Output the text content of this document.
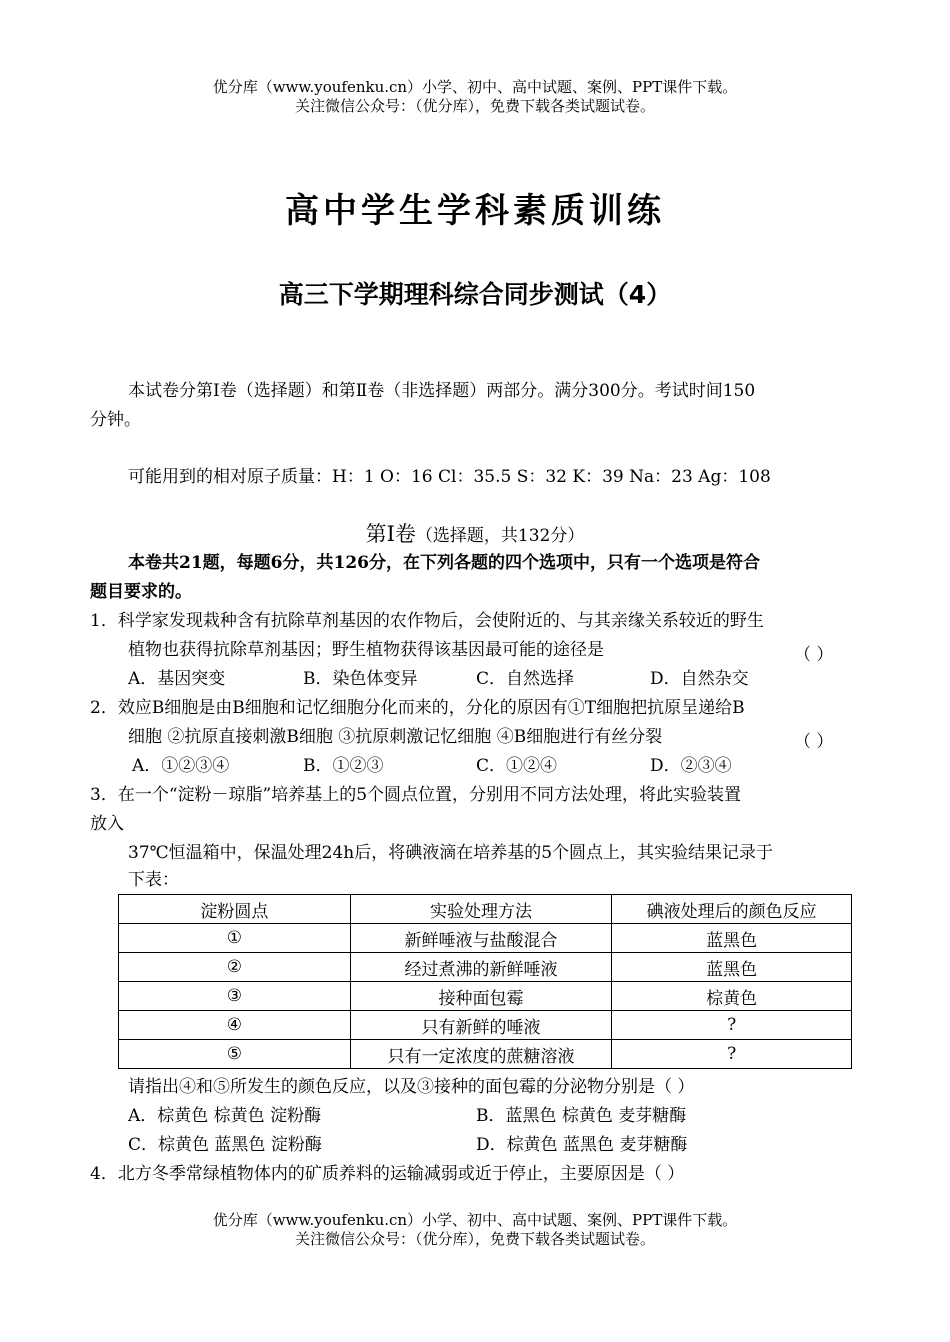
优分库（www.youfenku.cn）小学、初中、高中试题、案例、PPT课件下载。
关注微信公众号：（优分库），免费下载各类试题试卷。
高中学生学科素质训练
高三下学期理科综合同步测试（4）
本试卷分第Ⅰ卷（选择题）和第Ⅱ卷（非选择题）两部分。满分300分。考试时间150
分钟。
可能用到的相对原子质量：H：1 O：16 Cl：35.5 S：32 K：39 Na：23 Ag：108
第Ⅰ卷（选择题，共132分）
本卷共21题，每题6分，共126分，在下列各题的四个选项中，只有一个选项是符合
题目要求的。
1．科学家发现栽种含有抗除草剂基因的农作物后，会使附近的、与其亲缘关系较近的野生
植物也获得抗除草剂基因；野生植物获得该基因最可能的途径是	（ ）
A．基因突变	B．染色体变异	C．自然选择	D．自然杂交
2．效应B细胞是由B细胞和记忆细胞分化而来的，分化的原因有①T细胞把抗原呈递给B
细胞 ②抗原直接刺激B细胞 ③抗原刺激记忆细胞 ④B细胞进行有丝分裂	（ ）
A．①②③④	B．①②③	C．①②④	D．②③④
3．在一个“淀粉－琼脂”培养基上的5个圆点位置，分别用不同方法处理，将此实验装置
放入
37℃恒温箱中，保温处理24h后，将碘液滴在培养基的5个圆点上，其实验结果记录于
下表：
淀粉圆点	实验处理方法	碘液处理后的颜色反应
①	新鲜唾液与盐酸混合	蓝黑色
②	经过煮沸的新鲜唾液	蓝黑色
③	接种面包霉	棕黄色
④	只有新鲜的唾液	?
⑤	只有一定浓度的蔗糖溶液	?
请指出④和⑤所发生的颜色反应，以及③接种的面包霉的分泌物分别是（ ）
A．棕黄色 棕黄色 淀粉酶	B．蓝黑色 棕黄色 麦芽糖酶
C．棕黄色 蓝黑色 淀粉酶	D．棕黄色 蓝黑色 麦芽糖酶
4．北方冬季常绿植物体内的矿质养料的运输减弱或近于停止，主要原因是（ ）
优分库（www.youfenku.cn）小学、初中、高中试题、案例、PPT课件下载。
关注微信公众号：（优分库），免费下载各类试题试卷。
